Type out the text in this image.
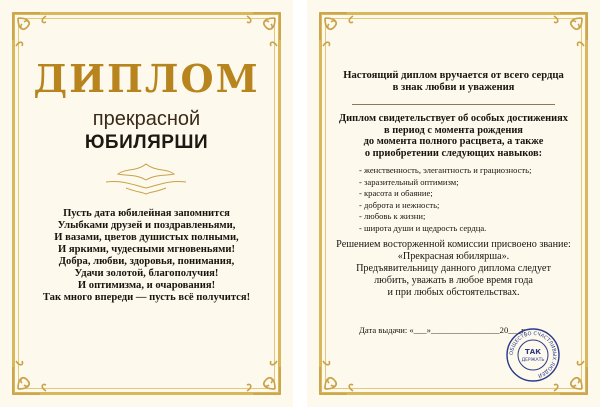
ДИПЛОМ
прекрасной
ЮБИЛЯРШИ
Пусть дата юбилейная запомнится
Улыбками друзей и поздравленьями,
И вазами, цветов душистых полными,
И яркими, чудесными мгновеньями!
Добра, любви, здоровья, понимания,
Удачи золотой, благополучия!
И оптимизма, и очарования!
Так много впереди — пусть всё получится!
Настоящий диплом вручается от всего сердца
в знак любви и уважения
Диплом свидетельствует об особых достижениях
в период с момента рождения
до момента полного расцвета, а также
о приобретении следующих навыков:
- женственность, элегантность и грациозность;
- заразительный оптимизм;
- красота и обаяние;
- доброта и нежность;
- любовь к жизни;
- широта души и щедрость сердца.
Решением восторженной комиссии присвоено звание:
«Прекрасная юбилярша».
Предъявительницу данного диплома следует
любить, уважать в любое время года
и при любых обстоятельствах.
Дата выдачи: «___»________________20___г.
ОБЩЕСТВО СЧАСТЛИВЫХ ЛЮДЕЙ
ТАК
ДЕРЖАТЬ
